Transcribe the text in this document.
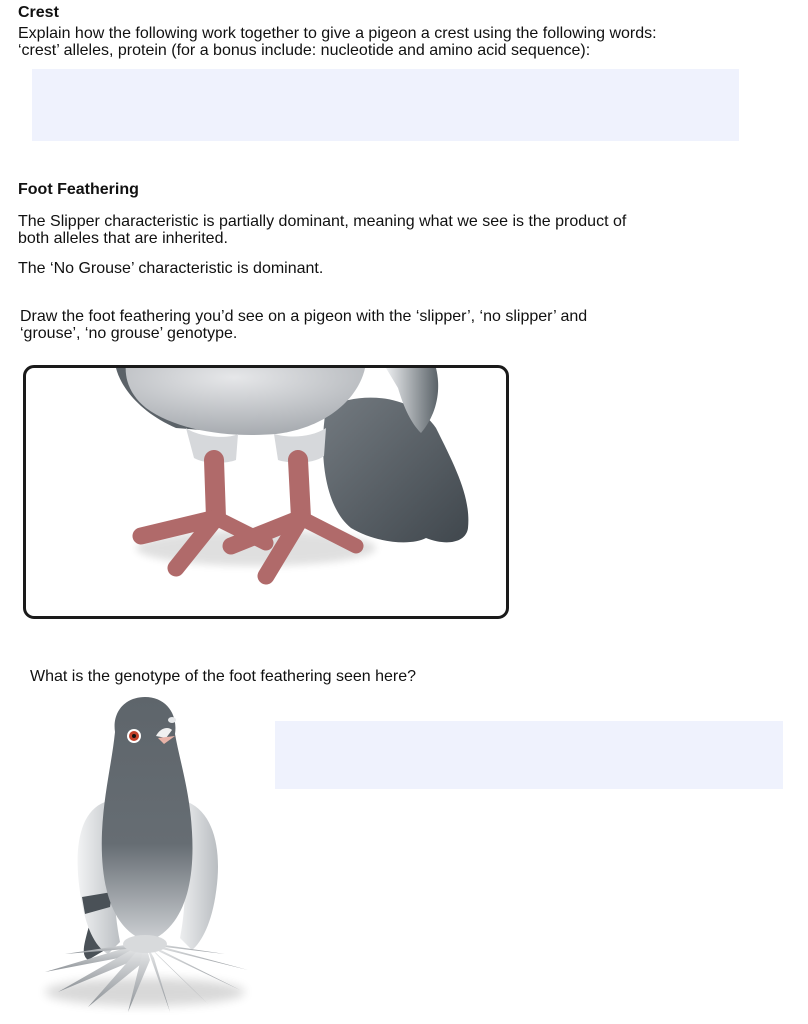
Crest
Explain how the following work together to give a pigeon a crest using the following words:
‘crest’ alleles, protein (for a bonus include: nucleotide and amino acid sequence):
Foot Feathering
The Slipper characteristic is partially dominant, meaning what we see is the product of
both alleles that are inherited.
The ‘No Grouse’ characteristic is dominant.
Draw the foot feathering you’d see on a pigeon with the ‘slipper’, ‘no slipper’ and
‘grouse’, ‘no grouse’ genotype.
What is the genotype of the foot feathering seen here?
